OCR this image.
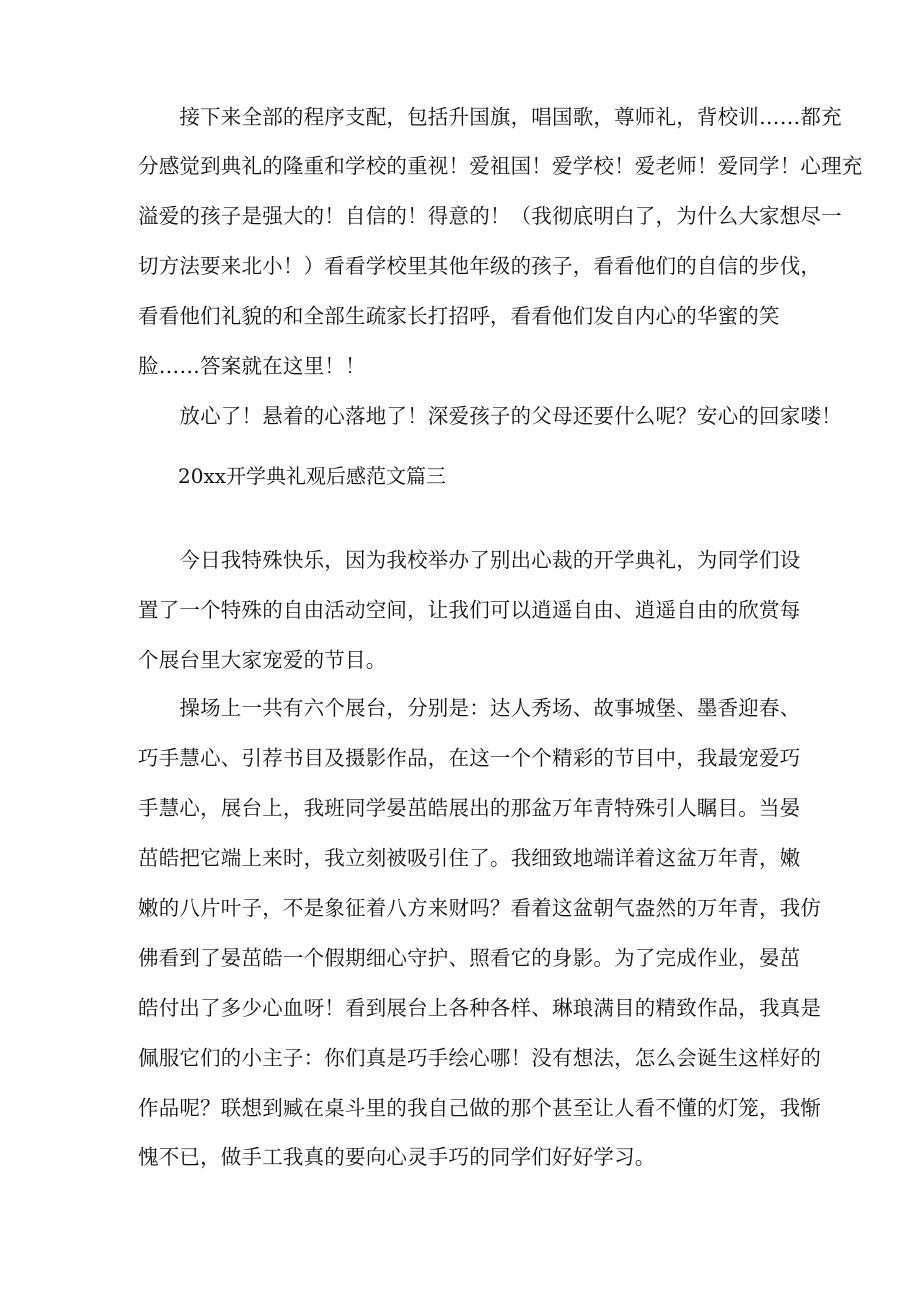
　　接下来全部的程序支配，包括升国旗，唱国歌，尊师礼，背校训……都充
分感觉到典礼的隆重和学校的重视！爱祖国！爱学校！爱老师！爱同学！心理充
溢爱的孩子是强大的！自信的！得意的！（我彻底明白了，为什么大家想尽一
切方法要来北小！）看看学校里其他年级的孩子，看看他们的自信的步伐，
看看他们礼貌的和全部生疏家长打招呼，看看他们发自内心的华蜜的笑
脸……答案就在这里！！
　　放心了！悬着的心落地了！深爱孩子的父母还要什么呢？安心的回家喽！
20xx开学典礼观后感范文篇三
　　今日我特殊快乐，因为我校举办了别出心裁的开学典礼，为同学们设
置了一个特殊的自由活动空间，让我们可以逍遥自由、逍遥自由的欣赏每
个展台里大家宠爱的节目。
　　操场上一共有六个展台，分别是：达人秀场、故事城堡、墨香迎春、
巧手慧心、引荐书目及摄影作品，在这一个个精彩的节目中，我最宠爱巧
手慧心，展台上，我班同学晏茁皓展出的那盆万年青特殊引人瞩目。当晏
茁皓把它端上来时，我立刻被吸引住了。我细致地端详着这盆万年青，嫩
嫩的八片叶子，不是象征着八方来财吗？看着这盆朝气盎然的万年青，我仿
佛看到了晏茁皓一个假期细心守护、照看它的身影。为了完成作业，晏茁
皓付出了多少心血呀！看到展台上各种各样、琳琅满目的精致作品，我真是
佩服它们的小主子：你们真是巧手绘心哪！没有想法，怎么会诞生这样好的
作品呢？联想到臧在桌斗里的我自己做的那个甚至让人看不懂的灯笼，我惭
愧不已，做手工我真的要向心灵手巧的同学们好好学习。
